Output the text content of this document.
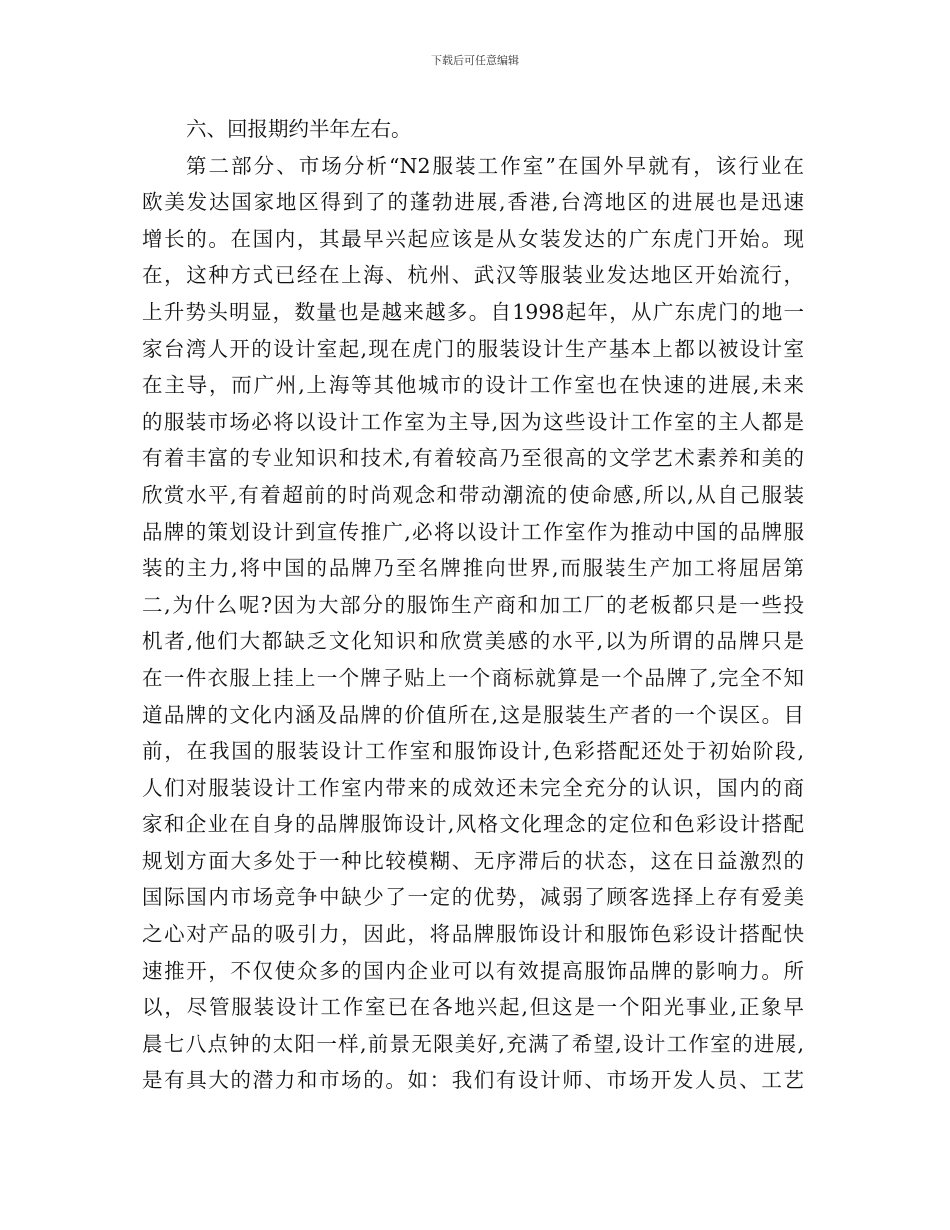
下载后可任意编辑
六、回报期约半年左右。
第二部分、市场分析“N2服装工作室”在国外早就有，该行业在
欧美发达国家地区得到了的蓬勃进展,香港,台湾地区的进展也是迅速
增长的。在国内，其最早兴起应该是从女装发达的广东虎门开始。现
在，这种方式已经在上海、杭州、武汉等服装业发达地区开始流行，
上升势头明显，数量也是越来越多。自1998起年，从广东虎门的地一
家台湾人开的设计室起,现在虎门的服装设计生产基本上都以被设计室
在主导，而广州,上海等其他城市的设计工作室也在快速的进展,未来
的服装市场必将以设计工作室为主导,因为这些设计工作室的主人都是
有着丰富的专业知识和技术,有着较高乃至很高的文学艺术素养和美的
欣赏水平,有着超前的时尚观念和带动潮流的使命感,所以,从自己服装
品牌的策划设计到宣传推广,必将以设计工作室作为推动中国的品牌服
装的主力,将中国的品牌乃至名牌推向世界,而服装生产加工将屈居第
二,为什么呢?因为大部分的服饰生产商和加工厂的老板都只是一些投
机者,他们大都缺乏文化知识和欣赏美感的水平,以为所谓的品牌只是
在一件衣服上挂上一个牌子贴上一个商标就算是一个品牌了,完全不知
道品牌的文化内涵及品牌的价值所在,这是服装生产者的一个误区。目
前，在我国的服装设计工作室和服饰设计,色彩搭配还处于初始阶段,
人们对服装设计工作室内带来的成效还未完全充分的认识，国内的商
家和企业在自身的品牌服饰设计,风格文化理念的定位和色彩设计搭配
规划方面大多处于一种比较模糊、无序滞后的状态，这在日益激烈的
国际国内市场竞争中缺少了一定的优势，减弱了顾客选择上存有爱美
之心对产品的吸引力，因此，将品牌服饰设计和服饰色彩设计搭配快
速推开，不仅使众多的国内企业可以有效提高服饰品牌的影响力。所
以，尽管服装设计工作室已在各地兴起,但这是一个阳光事业,正象早
晨七八点钟的太阳一样,前景无限美好,充满了希望,设计工作室的进展,
是有具大的潜力和市场的。如：我们有设计师、市场开发人员、工艺
